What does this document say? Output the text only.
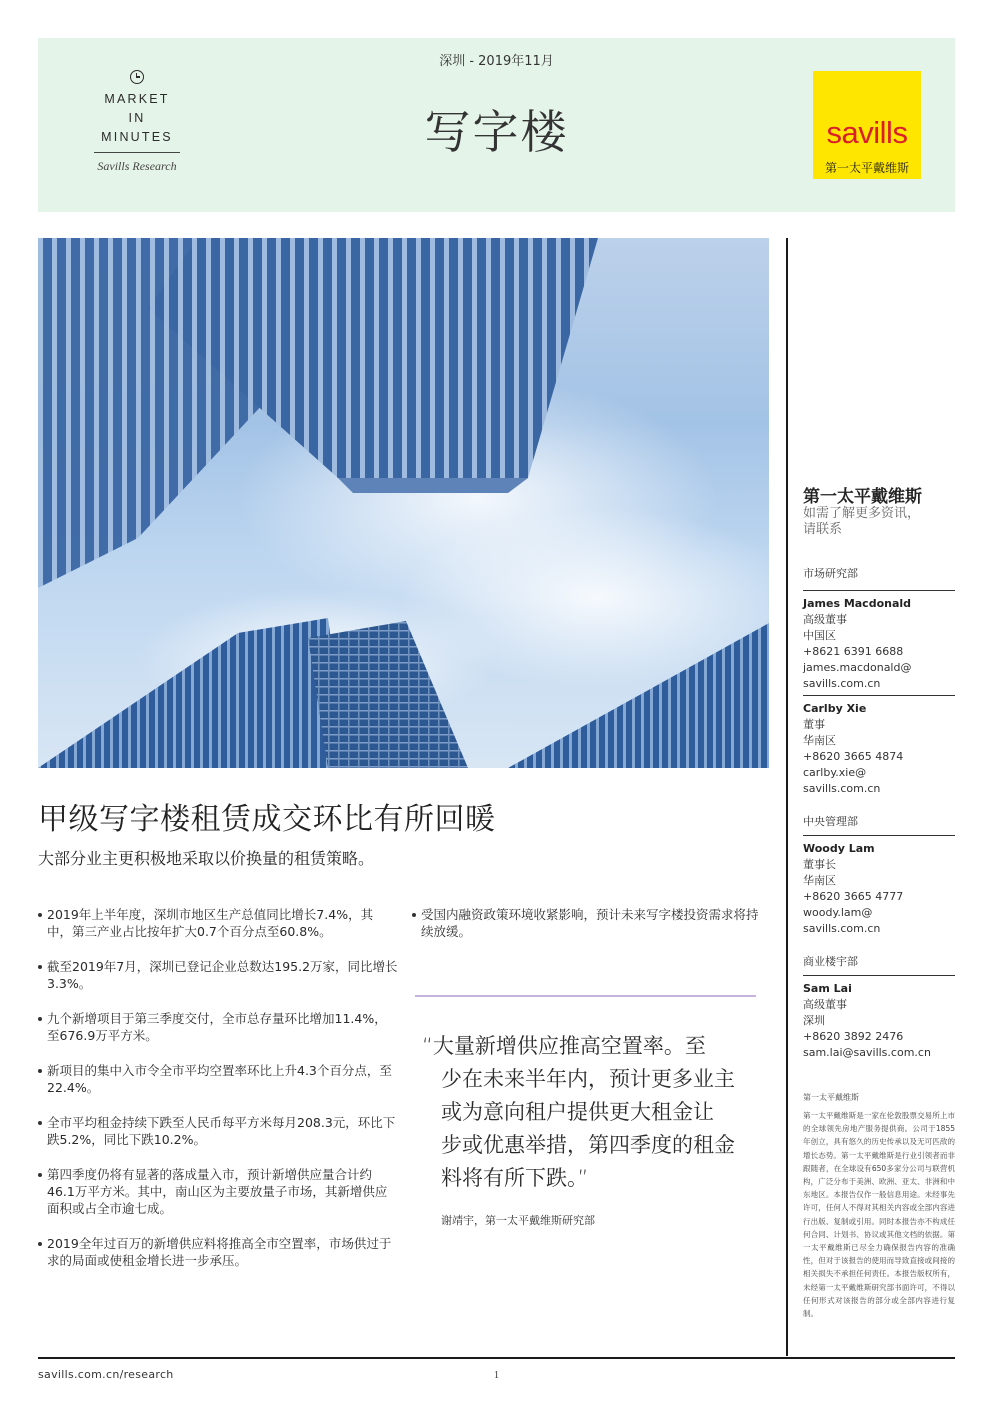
MARKET
IN
MINUTES
Savills Research
深圳 - 2019年11月
写字楼	savills
第一太平戴维斯
甲级写字楼租赁成交环比有所回暖
大部分业主更积极地采取以价换量的租赁策略。
2019年上半年度，深圳市地区生产总值同比增长7.4%，其中，第三产业占比按年扩大0.7个百分点至60.8%。
截至2019年7月，深圳已登记企业总数达195.2万家，同比增长3.3%。
九个新增项目于第三季度交付，全市总存量环比增加11.4%，至676.9万平方米。
新项目的集中入市令全市平均空置率环比上升4.3个百分点，至22.4%。
全市平均租金持续下跌至人民币每平方米每月208.3元，环比下跌5.2%，同比下跌10.2%。
第四季度仍将有显著的落成量入市，预计新增供应量合计约46.1万平方米。其中，南山区为主要放量子市场，其新增供应面积或占全市逾七成。
2019全年过百万的新增供应料将推高全市空置率，市场供过于求的局面或使租金增长进一步承压。
受国内融资政策环境收紧影响，预计未来写字楼投资需求将持续放缓。
“大量新增供应推高空置率。至
少在未来半年内，预计更多业主
或为意向租户提供更大租金让
步或优惠举措，第四季度的租金
料将有所下跌。”
谢靖宇，第一太平戴维斯研究部
第一太平戴维斯
如需了解更多资讯，
请联系
市场研究部
James Macdonald
高级董事
中国区
+8621 6391 6688
james.macdonald@
savills.com.cn
Carlby Xie
董事
华南区
+8620 3665 4874
carlby.xie@
savills.com.cn
中央管理部
Woody Lam
董事长
华南区
+8620 3665 4777
woody.lam@
savills.com.cn
商业楼宇部
Sam Lai
高级董事
深圳
+8620 3892 2476
sam.lai@savills.com.cn
第一太平戴维斯
第一太平戴维斯是一家在伦敦股票交易所上市的全球领先房地产服务提供商。公司于1855年创立，具有悠久的历史传承以及无可匹敌的增长态势。第一太平戴维斯是行业引领者而非跟随者，在全球设有650多家分公司与联营机构，广泛分布于美洲、欧洲、亚太、非洲和中东地区。本报告仅作一般信息用途。未经事先许可，任何人不得对其相关内容或全部内容进行出版、复制或引用。同时本报告亦不构成任何合同、计划书、协议或其他文档的依据。第一太平戴维斯已尽全力确保报告内容的准确性，但对于该报告的使用而导致直接或间接的相关损失不承担任何责任。本报告版权所有，未经第一太平戴维斯研究部书面许可，不得以任何形式对该报告的部分或全部内容进行复制。
savills.com.cn/research	1
